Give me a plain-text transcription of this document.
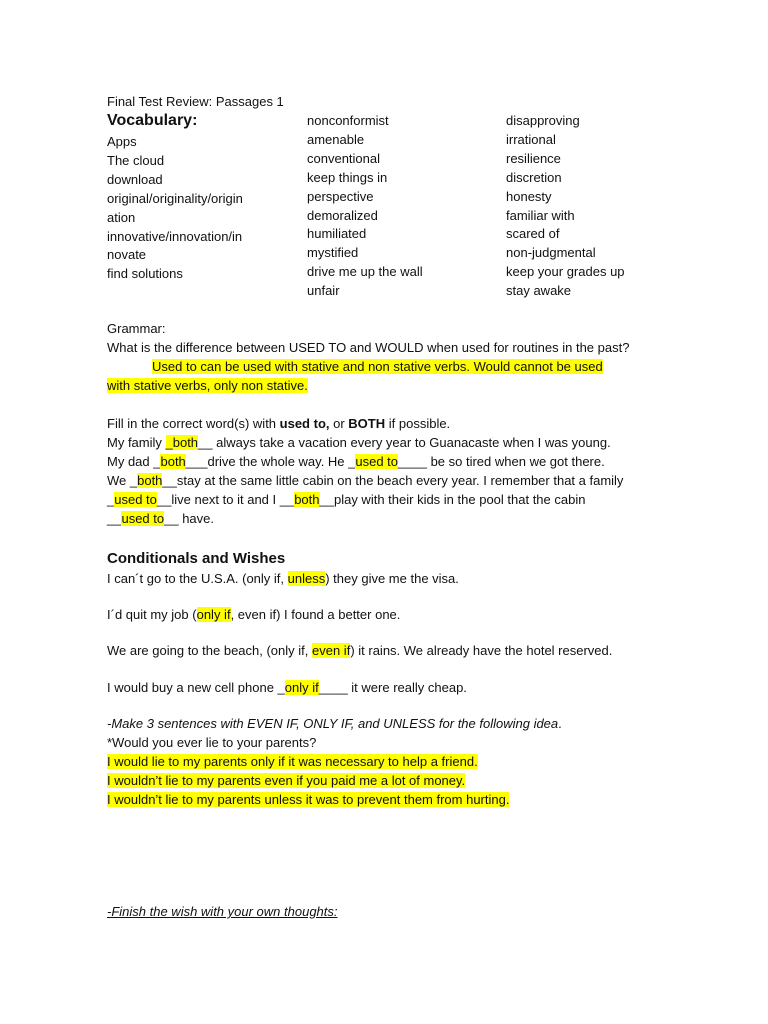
Final Test Review: Passages 1
Vocabulary:
Apps
The cloud
download
original/originality/origin
ation
innovative/innovation/in
novate
find solutions
nonconformist
amenable
conventional
keep things in
perspective
demoralized
humiliated
mystified
drive me up the wall
unfair
disapproving
irrational
resilience
discretion
honesty
familiar with
scared of
non-judgmental
keep your grades up
stay awake
Grammar:
What is the difference between USED TO and WOULD when used for routines in the past?
Used to can be used with stative and non stative verbs. Would cannot be used
with stative verbs, only non stative.
Fill in the correct word(s) with used to, or BOTH if possible.
My family _both__ always take a vacation every year to Guanacaste when I was young.
My dad _both___drive the whole way. He _used to____ be so tired when we got there.
We _both__stay at the same little cabin on the beach every year. I remember that a family
_used to__live next to it and I __both__play with their kids in the pool that the cabin
__used to__ have.
Conditionals and Wishes
I can´t go to the U.S.A. (only if, unless) they give me the visa.
I´d quit my job (only if, even if) I found a better one.
We are going to the beach, (only if, even if) it rains. We already have the hotel reserved.
I would buy a new cell phone _only if____ it were really cheap.
-Make 3 sentences with EVEN IF, ONLY IF, and UNLESS for the following idea.
*Would you ever lie to your parents?
I would lie to my parents only if it was necessary to help a friend.
I wouldn’t lie to my parents even if you paid me a lot of money.
I wouldn’t lie to my parents unless it was to prevent them from hurting.
-Finish the wish with your own thoughts:
